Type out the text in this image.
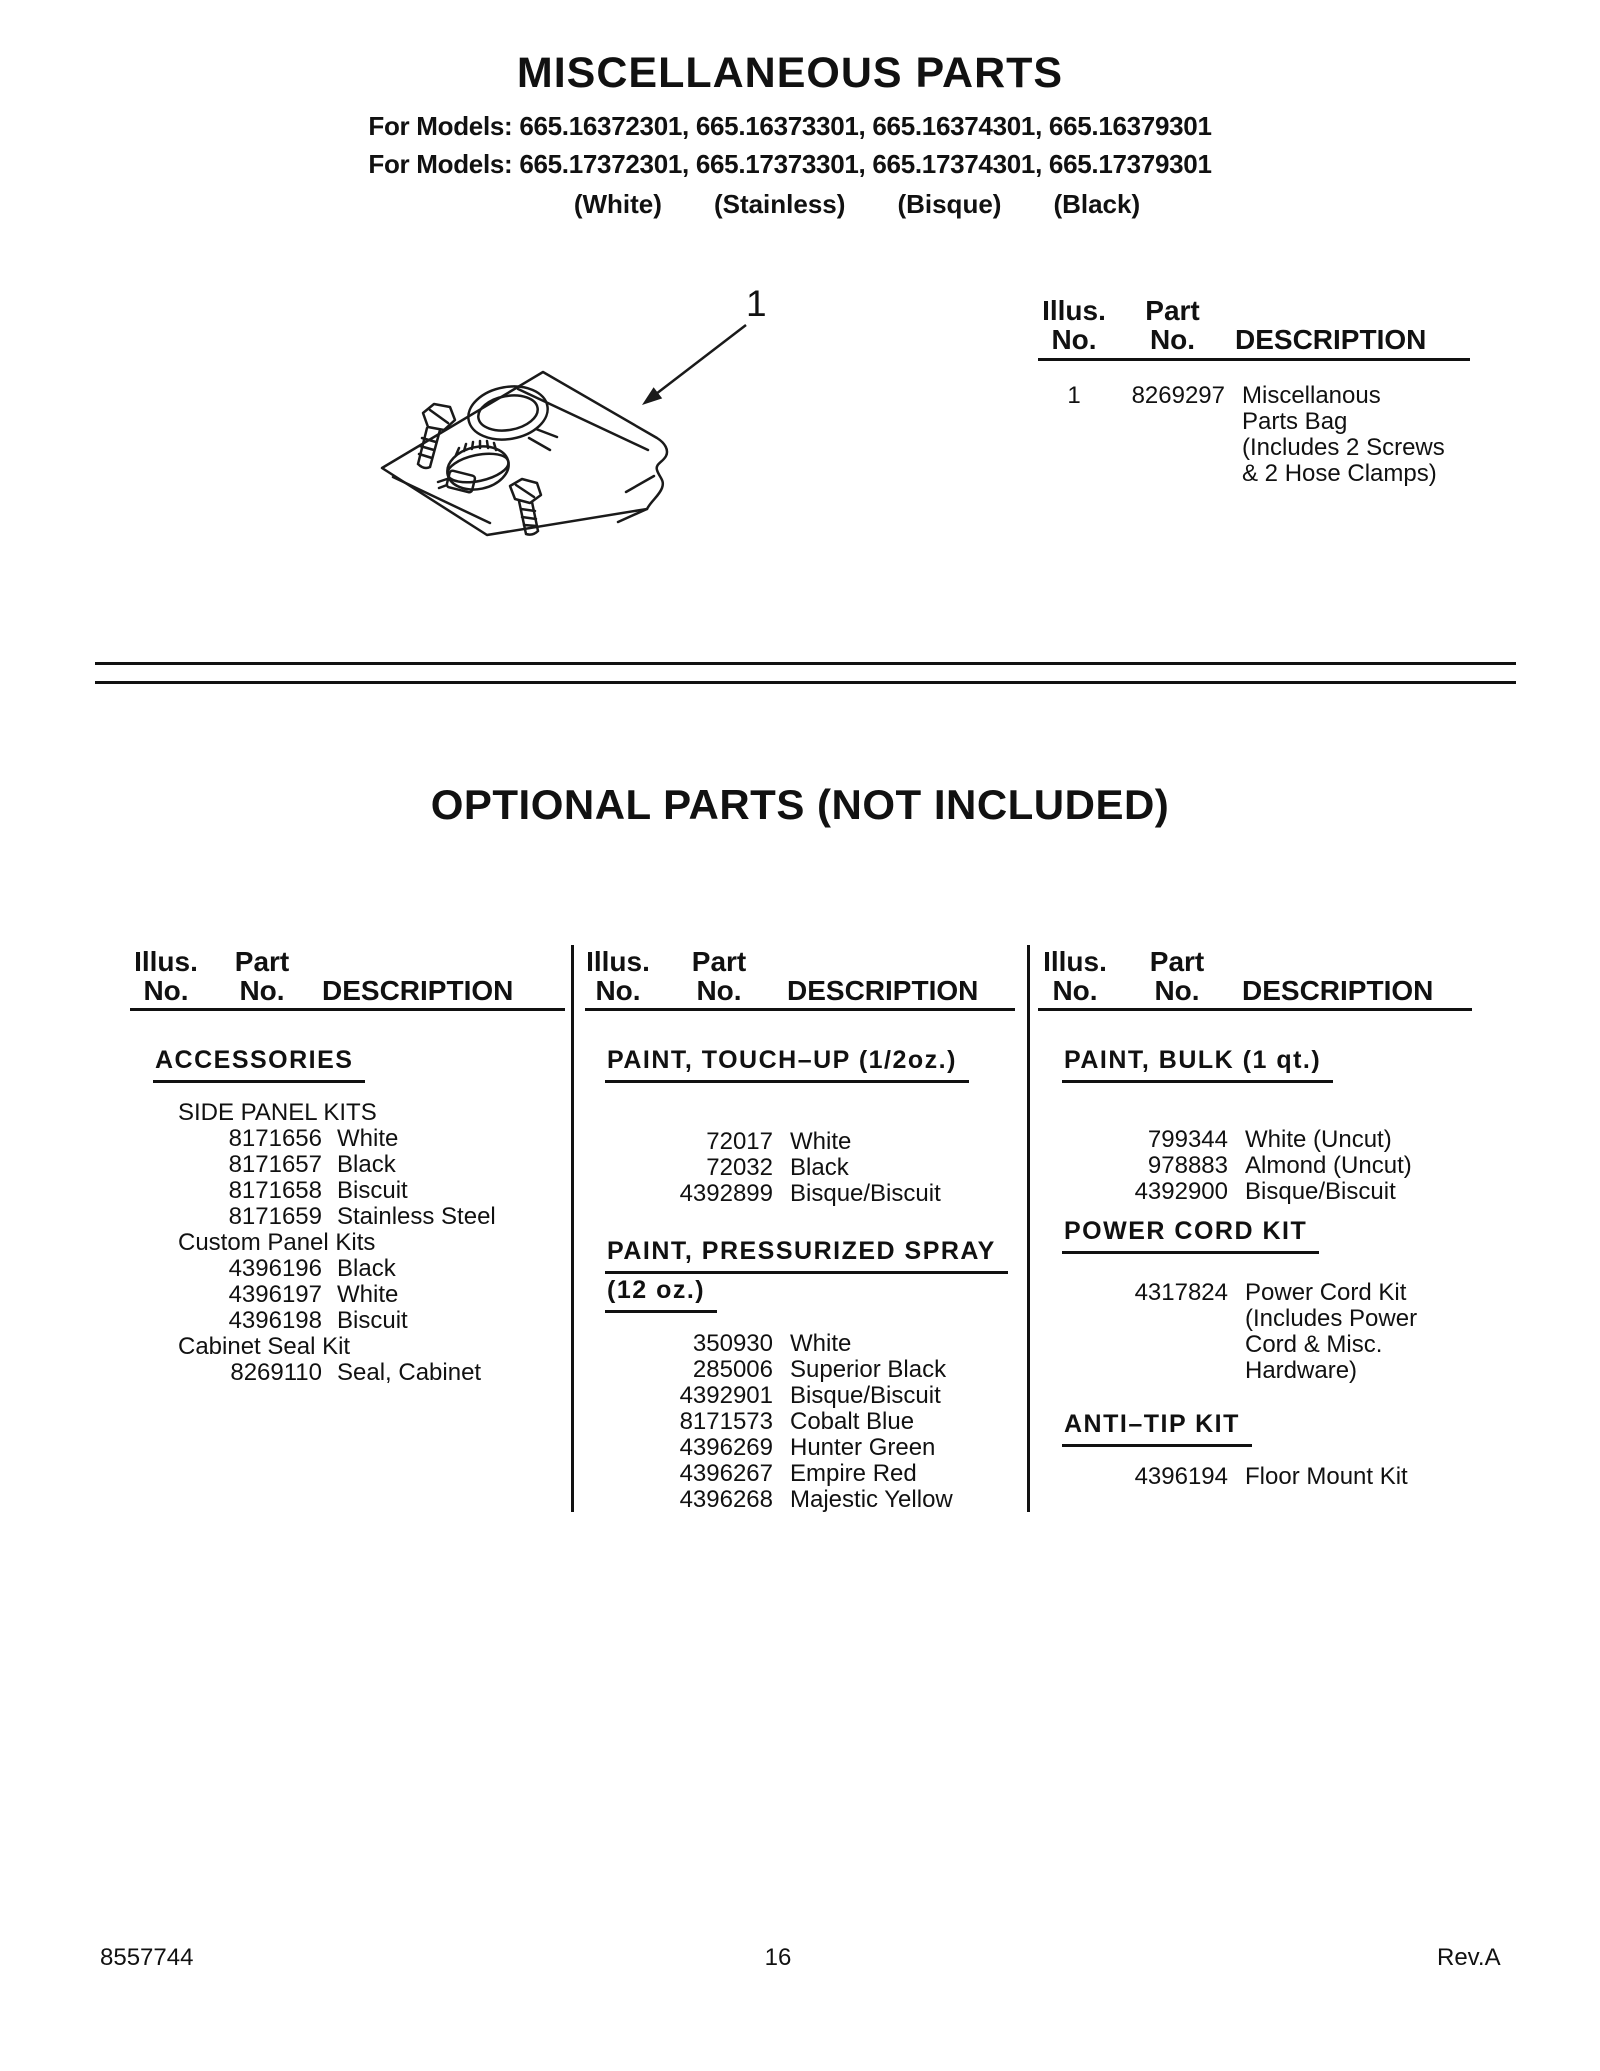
MISCELLANEOUS PARTS
For Models: 665.16372301, 665.16373301, 665.16374301, 665.16379301
For Models: 665.17372301, 665.17373301, 665.17374301, 665.17379301
(White) (Stainless) (Bisque) (Black)
1	Illus.	Part
No.	No.	DESCRIPTION
1	8269297 Miscellanous
Parts Bag
(Includes 2 Screws
& 2 Hose Clamps)
OPTIONAL PARTS (NOT INCLUDED)
Illus.	Part
No.	No.	DESCRIPTION
ACCESSORIES
SIDE PANEL KITS
8171656 White
8171657 Black
8171658 Biscuit
8171659 Stainless Steel
Custom Panel Kits
4396196 Black
4396197 White
4396198 Biscuit
Cabinet Seal Kit
8269110 Seal, Cabinet
Illus.	Part
No.	No.	DESCRIPTION
PAINT, TOUCH–UP (1/2oz.)
72017 White
72032 Black
4392899 Bisque/Biscuit
PAINT, PRESSURIZED SPRAY
(12 oz.)
350930 White
285006 Superior Black
4392901 Bisque/Biscuit
8171573 Cobalt Blue
4396269 Hunter Green
4396267 Empire Red
4396268 Majestic Yellow
Illus.	Part
No.	No.	DESCRIPTION
PAINT, BULK (1 qt.)
799344 White (Uncut)
978883 Almond (Uncut)
4392900 Bisque/Biscuit
POWER CORD KIT
4317824 Power Cord Kit
(Includes Power
Cord & Misc.
Hardware)
ANTI–TIP KIT
4396194 Floor Mount Kit
8557744	16	Rev.A
